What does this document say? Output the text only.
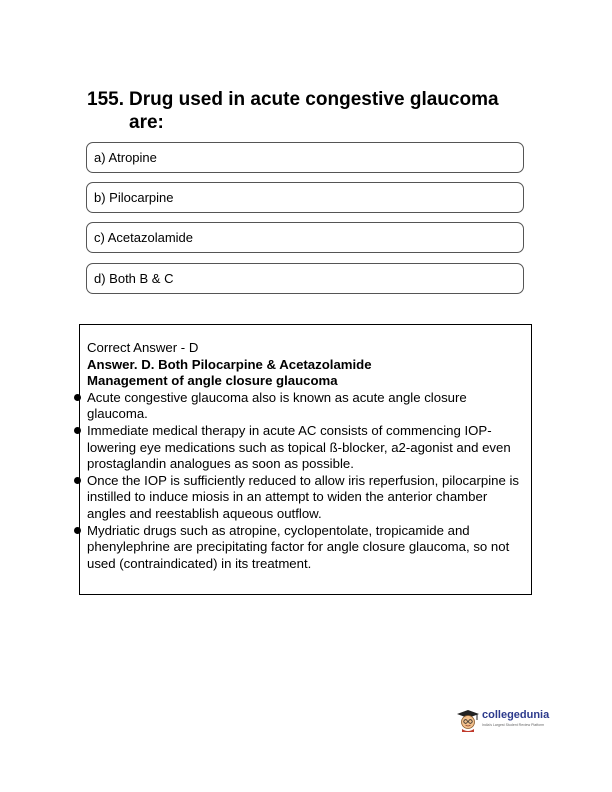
155. Drug used in acute congestive glaucoma are:
a) Atropine
b) Pilocarpine
c) Acetazolamide
d) Both B & C
Correct Answer - D
Answer. D. Both Pilocarpine & Acetazolamide
Management of angle closure glaucoma
Acute congestive glaucoma also is known as acute angle closure glaucoma.
Immediate medical therapy in acute AC consists of commencing IOP-lowering eye medications such as topical ß-blocker, a2-agonist and even prostaglandin analogues as soon as possible.
Once the IOP is sufficiently reduced to allow iris reperfusion, pilocarpine is instilled to induce miosis in an attempt to widen the anterior chamber angles and reestablish aqueous outflow.
Mydriatic drugs such as atropine, cyclopentolate, tropicamide and phenylephrine are precipitating factor for angle closure glaucoma, so not used (contraindicated) in its treatment.
collegedunia
India's Largest Student Review Platform
